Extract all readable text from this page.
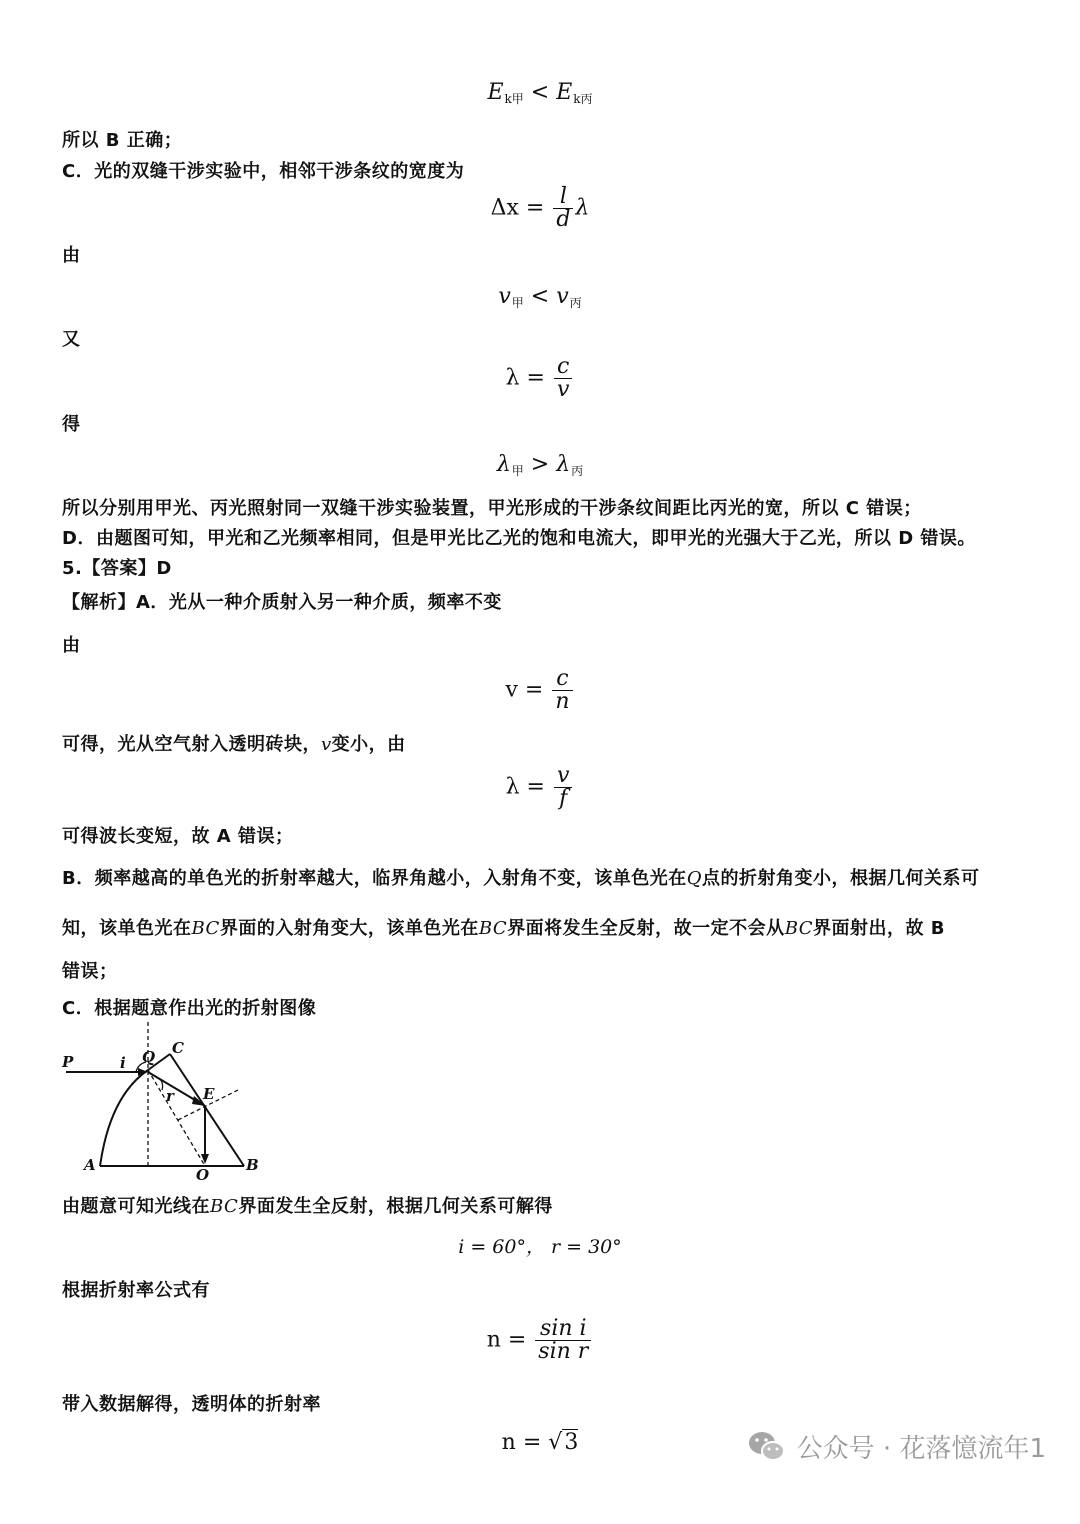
$E_{k甲} < E_{k丙}$
所以 B 正确；
C．光的双缝干涉实验中，相邻干涉条纹的宽度为
$\Delta x = \frac{l}{d}$ λ
由
$v_甲 < v_丙$
又
$\lambda = \frac{c}{v}$
得
$\lambda_甲 > \lambda_丙$
所以分别用甲光、丙光照射同一双缝干涉实验装置，甲光形成的干涉条纹间距比丙光的宽，所以 C 错误；
D．由题图可知，甲光和乙光频率相同，但是甲光比乙光的饱和电流大，即甲光的光强大于乙光，所以 D 错误。
5.【答案】D
【解析】A．光从一种介质射入另一种介质，频率不变
由
$v = \frac{c}{n}$
可得，光从空气射入透明砖块，v变小，由
$\lambda = \frac{v}{f}$
可得波长变短，故 A 错误；
B．频率越高的单色光的折射率越大，临界角越小，入射角不变，该单色光在Q点的折射角变小，根据几何关系可
知，该单色光在BC界面的入射角变大，该单色光在BC界面将发生全反射，故一定不会从BC界面射出，故 B
错误；
C．根据题意作出光的折射图像
P	i Q C
E
r
A
O
B
由题意可知光线在BC界面发生全反射，根据几何关系可解得
i = 60°， r = 30°
根据折射率公式有
$n = \frac{\text{sin i}}{\text{sin r}}$
带入数据解得，透明体的折射率
n = √3	公众号 · 花落憶流年1
